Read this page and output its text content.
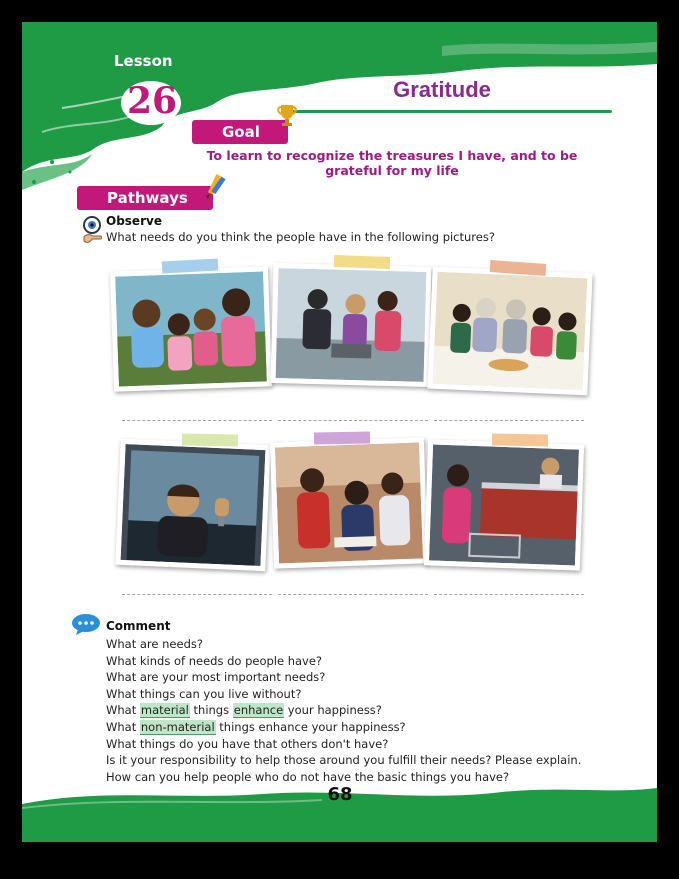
Lesson
26	Gratitude
Goal
To learn to recognize the treasures I have, and to be grateful for my life
Pathways
Observe
What needs do you think the people have in the following pictures?
Comment
What are needs?
What kinds of needs do people have?
What are your most important needs?
What things can you live without?
What material things enhance your happiness?
What non-material things enhance your happiness?
What things do you have that others don't have?
Is it your responsibility to help those around you fulfill their needs? Please explain.
How can you help people who do not have the basic things you have?
68
